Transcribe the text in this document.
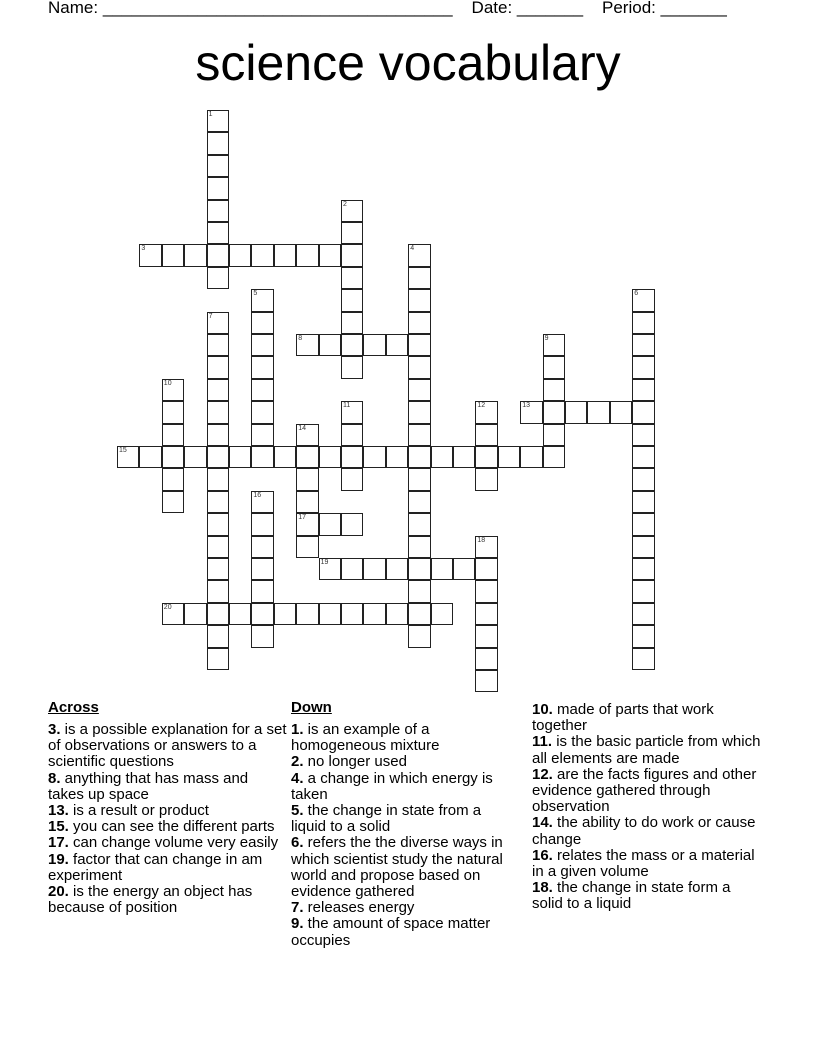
Name: _____________________________________ Date: _______ Period: _______
science vocabulary
1
2
3	4
5	6
7
8	9
10
11	12	13
14
17
15
16
18
19
20
Across

3. is a possible explanation for a set of observations or answers to a scientific questions

8. anything that has mass and takes up space

13. is a result or product

15. you can see the different parts

17. can change volume very easily

19. factor that can change in am experiment

20. is the energy an object has because of position

Down

1. is an example of a homogeneous mixture

2. no longer used

4. a change in which energy is taken

5. the change in state from a liquid to a solid

6. refers the the diverse ways in which scientist study the natural world and propose based on evidence gathered

7. releases energy

9. the amount of space matter occupies

10. made of parts that work together

11. is the basic particle from which all elements are made

12. are the facts figures and other evidence gathered through observation

14. the ability to do work or cause change

16. relates the mass or a material in a given volume

18. the change in state form a solid to a liquid
